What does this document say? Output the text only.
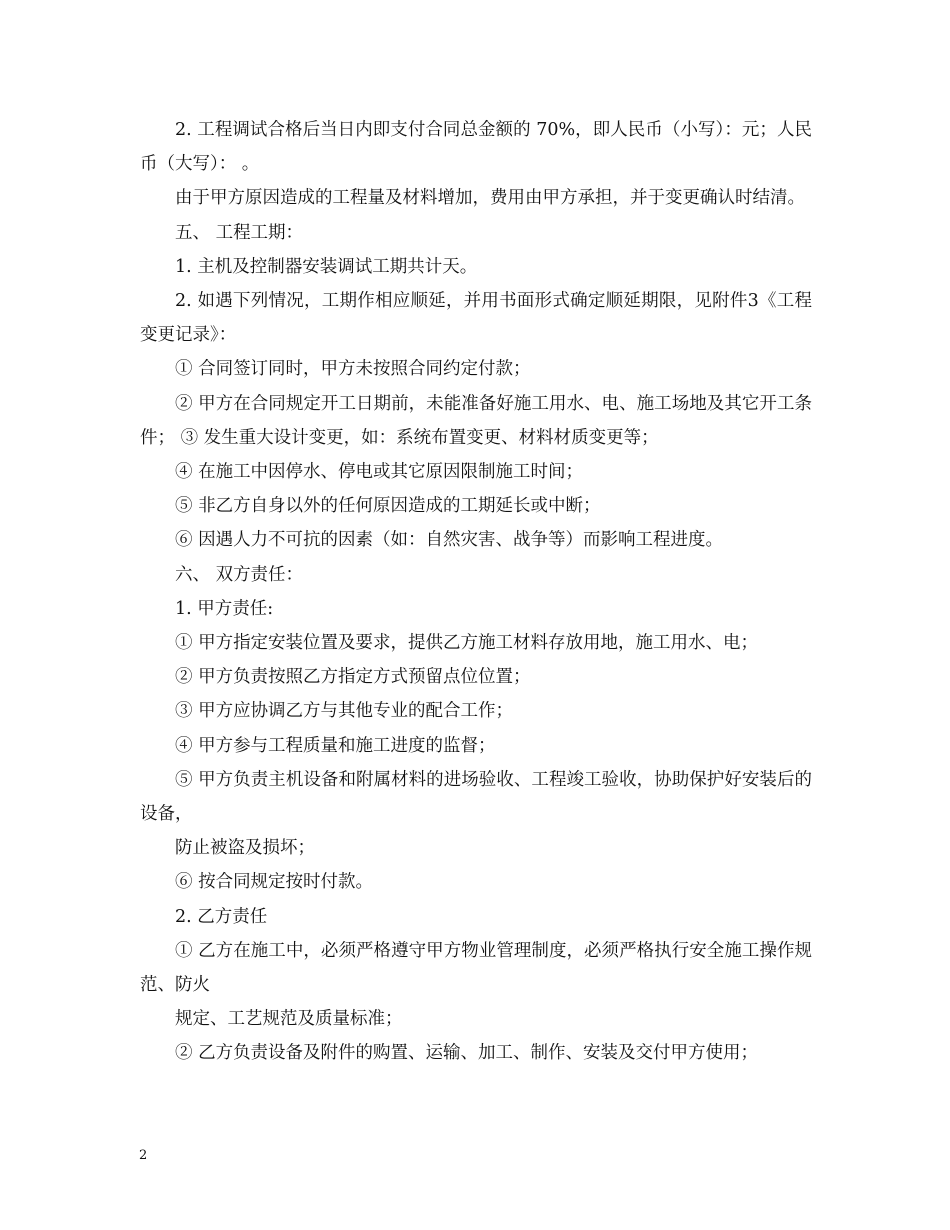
2. 工程调试合格后当日内即支付合同总金额的 70%，即人民币（小写）：元；人民币（大写）： 。

由于甲方原因造成的工程量及材料增加，费用由甲方承担，并于变更确认时结清。

五、 工程工期：

1. 主机及控制器安装调试工期共计天。

2. 如遇下列情况，工期作相应顺延，并用书面形式确定顺延期限，见附件3《工程变更记录》：

① 合同签订同时，甲方未按照合同约定付款；

② 甲方在合同规定开工日期前，未能准备好施工用水、电、施工场地及其它开工条件； ③ 发生重大设计变更，如：系统布置变更、材料材质变更等；

④ 在施工中因停水、停电或其它原因限制施工时间；

⑤ 非乙方自身以外的任何原因造成的工期延长或中断；

⑥ 因遇人力不可抗的因素（如：自然灾害、战争等）而影响工程进度。

六、 双方责任：

1. 甲方责任:

① 甲方指定安装位置及要求，提供乙方施工材料存放用地，施工用水、电；

② 甲方负责按照乙方指定方式预留点位位置；

③ 甲方应协调乙方与其他专业的配合工作；

④ 甲方参与工程质量和施工进度的监督；

⑤ 甲方负责主机设备和附属材料的进场验收、工程竣工验收，协助保护好安装后的设备，

防止被盗及损坏；

⑥ 按合同规定按时付款。

2. 乙方责任

① 乙方在施工中，必须严格遵守甲方物业管理制度，必须严格执行安全施工操作规范、防火

规定、工艺规范及质量标准；

② 乙方负责设备及附件的购置、运输、加工、制作、安装及交付甲方使用；

2
